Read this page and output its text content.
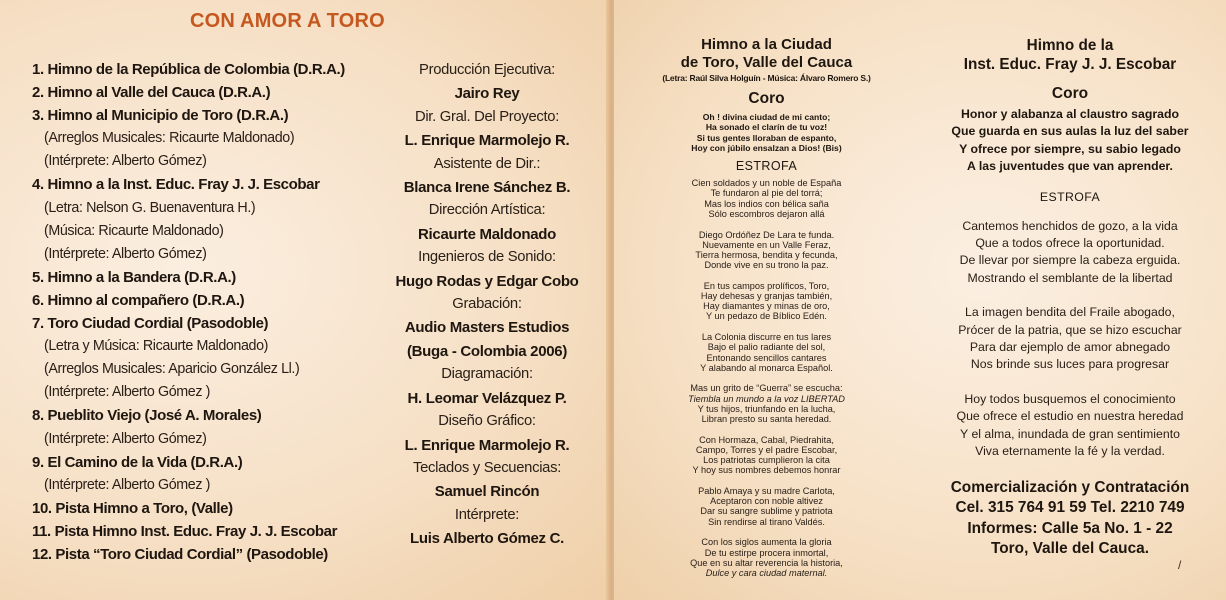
CON AMOR A TORO
1. Himno de la República de Colombia (D.R.A.)
2. Himno al Valle del Cauca (D.R.A.)
3. Himno al Municipio de Toro (D.R.A.)
(Arreglos Musicales: Ricaurte Maldonado)
(Intérprete: Alberto Gómez)
4. Himno a la Inst. Educ. Fray J. J. Escobar
(Letra: Nelson G. Buenaventura H.)
(Música: Ricaurte Maldonado)
(Intérprete: Alberto Gómez)
5. Himno a la Bandera (D.R.A.)
6. Himno al compañero (D.R.A.)
7. Toro Ciudad Cordial (Pasodoble)
(Letra y Música: Ricaurte Maldonado)
(Arreglos Musicales: Aparicio González Ll.)
(Intérprete: Alberto Gómez )
8. Pueblito Viejo (José A. Morales)
(Intérprete: Alberto Gómez)
9. El Camino de la Vida (D.R.A.)
(Intérprete: Alberto Gómez )
10. Pista Himno a Toro, (Valle)
11. Pista Himno Inst. Educ. Fray J. J. Escobar
12. Pista “Toro Ciudad Cordial” (Pasodoble)
Producción Ejecutiva:
Jairo Rey
Dir. Gral. Del Proyecto:
L. Enrique Marmolejo R.
Asistente de Dir.:
Blanca Irene Sánchez B.
Dirección Artística:
Ricaurte Maldonado
Ingenieros de Sonido:
Hugo Rodas y Edgar Cobo
Grabación:
Audio Masters Estudios
(Buga - Colombia 2006)
Diagramación:
H. Leomar Velázquez P.
Diseño Gráfico:
L. Enrique Marmolejo R.
Teclados y Secuencias:
Samuel Rincón
Intérprete:
Luis Alberto Gómez C.
Himno a la Ciudad
de Toro, Valle del Cauca
(Letra: Raúl Silva Holguín - Música: Álvaro Romero S.)
Coro
Oh ! divina ciudad de mi canto;
Ha sonado el clarín de tu voz!
Si tus gentes lloraban de espanto,
Hoy con júbilo ensalzan a Dios! (Bis)
ESTROFA
Cien soldados y un noble de España
Te fundaron al pie del torrá;
Mas los indios con bélica saña
Sólo escombros dejaron allá
Diego Ordóñez De Lara te funda.
Nuevamente en un Valle Feraz,
Tierra hermosa, bendita y fecunda,
Donde vive en su trono la paz.
En tus campos prolíficos, Toro,
Hay dehesas y granjas también,
Hay diamantes y minas de oro,
Y un pedazo de Bíblico Edén.
La Colonia discurre en tus lares
Bajo el palio radiante del sol,
Entonando sencillos cantares
Y alabando al monarca Español.
Mas un grito de “Guerra” se escucha:
Tiembla un mundo a la voz LIBERTAD
Y tus hijos, triunfando en la lucha,
Libran presto su santa heredad.
Con Hormaza, Cabal, Piedrahita,
Campo, Torres y el padre Escobar,
Los patriotas cumplieron la cita
Y hoy sus nombres debemos honrar
Pablo Amaya y su madre Carlota,
Aceptaron con noble altivez
Dar su sangre sublime y patriota
Sin rendirse al tirano Valdés.
Con los siglos aumenta la gloria
De tu estirpe procera inmortal,
Que en su altar reverencia la historia,
Dulce y cara ciudad maternal.
Himno de la
Inst. Educ. Fray J. J. Escobar
Coro
Honor y alabanza al claustro sagrado
Que guarda en sus aulas la luz del saber
Y ofrece por siempre, su sabio legado
A las juventudes que van aprender.
ESTROFA
Cantemos henchidos de gozo, a la vida
Que a todos ofrece la oportunidad.
De llevar por siempre la cabeza erguida.
Mostrando el semblante de la libertad
La imagen bendita del Fraile abogado,
Prócer de la patria, que se hizo escuchar
Para dar ejemplo de amor abnegado
Nos brinde sus luces para progresar
Hoy todos busquemos el conocimiento
Que ofrece el estudio en nuestra heredad
Y el alma, inundada de gran sentimiento
Viva eternamente la fé y la verdad.
Comercialización y Contratación
Cel. 315 764 91 59 Tel. 2210 749
Informes: Calle 5a No. 1 - 22
Toro, Valle del Cauca.
/
